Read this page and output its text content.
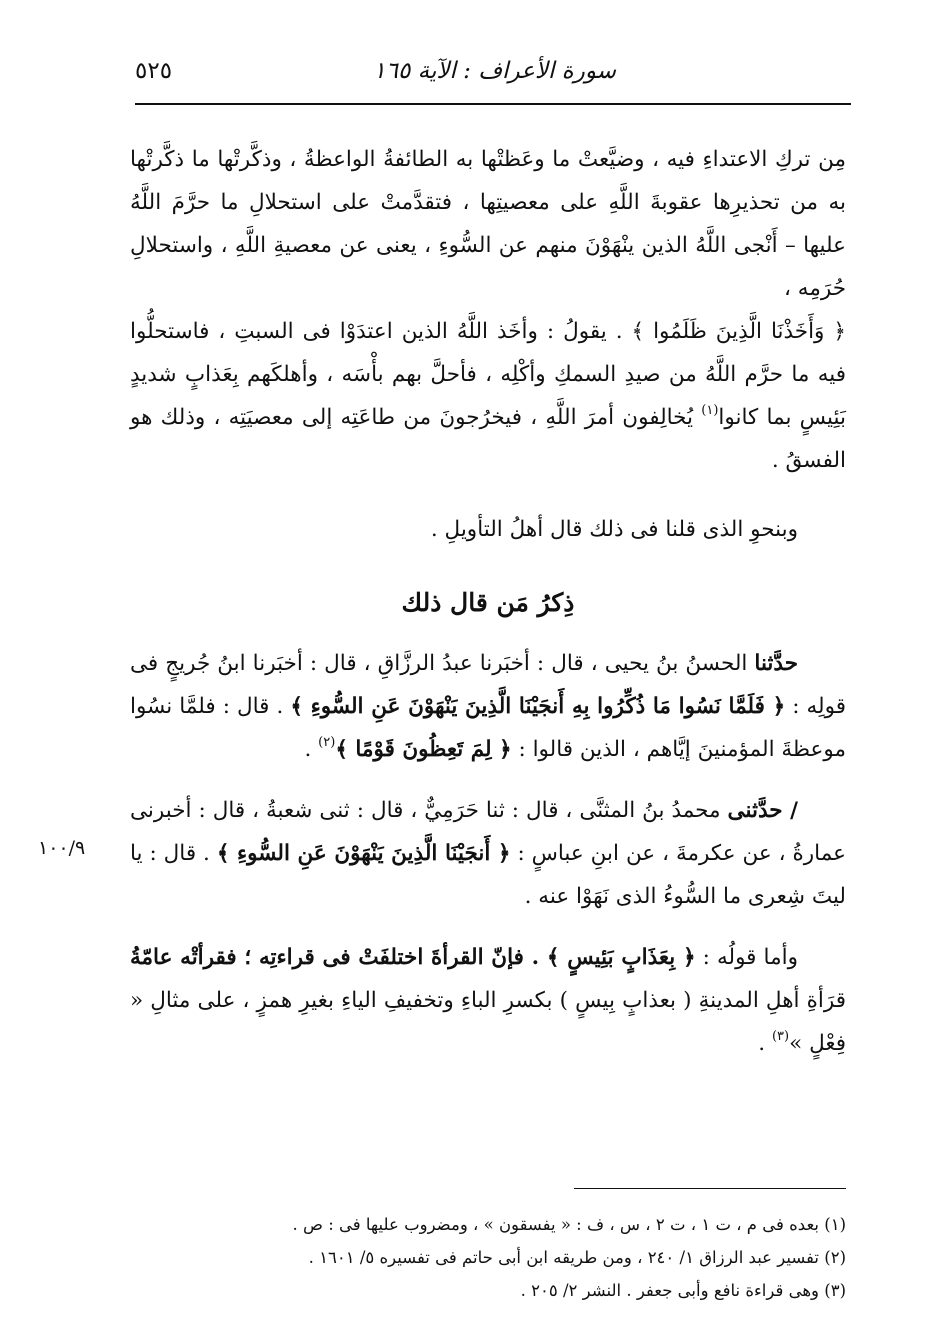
سورة الأعراف : الآية ١٦٥
٥٢٥
١٠٠/٩

مِن تركِ الاعتداءِ فيه ، وضيَّعتْ ما وعَظتْها به الطائفةُ الواعظةُ ، وذكَّرتْها ما ذكَّرتْها به من تحذيرِها عقوبةَ اللَّهِ على معصيتِها ، فتقدَّمتْ على استحلالِ ما حرَّمَ اللَّهُ عليها – أَنْجى اللَّهُ الذين ينْهَوْنَ منهم عن السُّوءِ ، يعنى عن معصيةِ اللَّهِ ، واستحلالِ حُرَمِه ،

﴿ وَأَخَذْنَا الَّذِينَ ظَلَمُوا ﴾ . يقولُ : وأخَذ اللَّهُ الذين اعتدَوْا فى السبتِ ، فاستحلُّوا فيه ما حرَّم اللَّهُ من صيدِ السمكِ وأكْلِه ، فأحلَّ بهم بأْسَه ، وأهلكَهم بِعَذابٍ شديدٍ بَئِيسٍ بما كانوا$^{(١)}$ يُخالِفون أمرَ اللَّهِ ، فيخرُجونَ من طاعَتِه إلى معصيَتِه ، وذلك هو الفسقُ .

وبنحوِ الذى قلنا فى ذلك قال أهلُ التأويلِ .

ذِكرُ مَن قال ذلك

حدَّثنا الحسنُ بنُ يحيى ، قال : أخبَرنا عبدُ الرزَّاقِ ، قال : أخبَرنا ابنُ جُريجٍ فى قولِه : ﴿ فَلَمَّا نَسُوا مَا ذُكِّرُوا بِهِ أَنجَيْنَا الَّذِينَ يَنْهَوْنَ عَنِ السُّوءِ ﴾ . قال : فلمَّا نسُوا موعظةَ المؤمنينَ إيَّاهم ، الذين قالوا : ﴿ لِمَ تَعِظُونَ قَوْمًا ﴾$^{(٢)}$ .

/ حدَّثنى محمدُ بنُ المثنَّى ، قال : ثنا حَرَمِيٌّ ، قال : ثنى شعبةُ ، قال : أخبرنى عمارةُ ، عن عكرمةَ ، عن ابنِ عباسٍ : ﴿ أَنجَيْنَا الَّذِينَ يَنْهَوْنَ عَنِ السُّوءِ ﴾ . قال : يا ليتَ شِعرى ما السُّوءُ الذى نَهَوْا عنه .

وأما قولُه : ﴿ بِعَذَابٍ بَئِيسٍ ﴾ . فإنّ القرأةَ اختلفَتْ فى قراءتِه ؛ فقرأتْه عامّةُ قرَأةِ أهلِ المدينةِ ( بعذابٍ بِيسٍ ) بكسرِ الباءِ وتخفيفِ الياءِ بغيرِ همزٍ ، على مثالِ « فِعْلٍ »$^{(٣)}$ .

(١) بعده فى م ، ت ١ ، ت ٢ ، س ، ف : « يفسقون » ، ومضروب عليها فى : ص .

(٢) تفسير عبد الرزاق ١/ ٢٤٠ ، ومن طريقه ابن أبى حاتم فى تفسيره ٥/ ١٦٠١ .

(٣) وهى قراءة نافع وأبى جعفر . النشر ٢/ ٢٠٥ .
